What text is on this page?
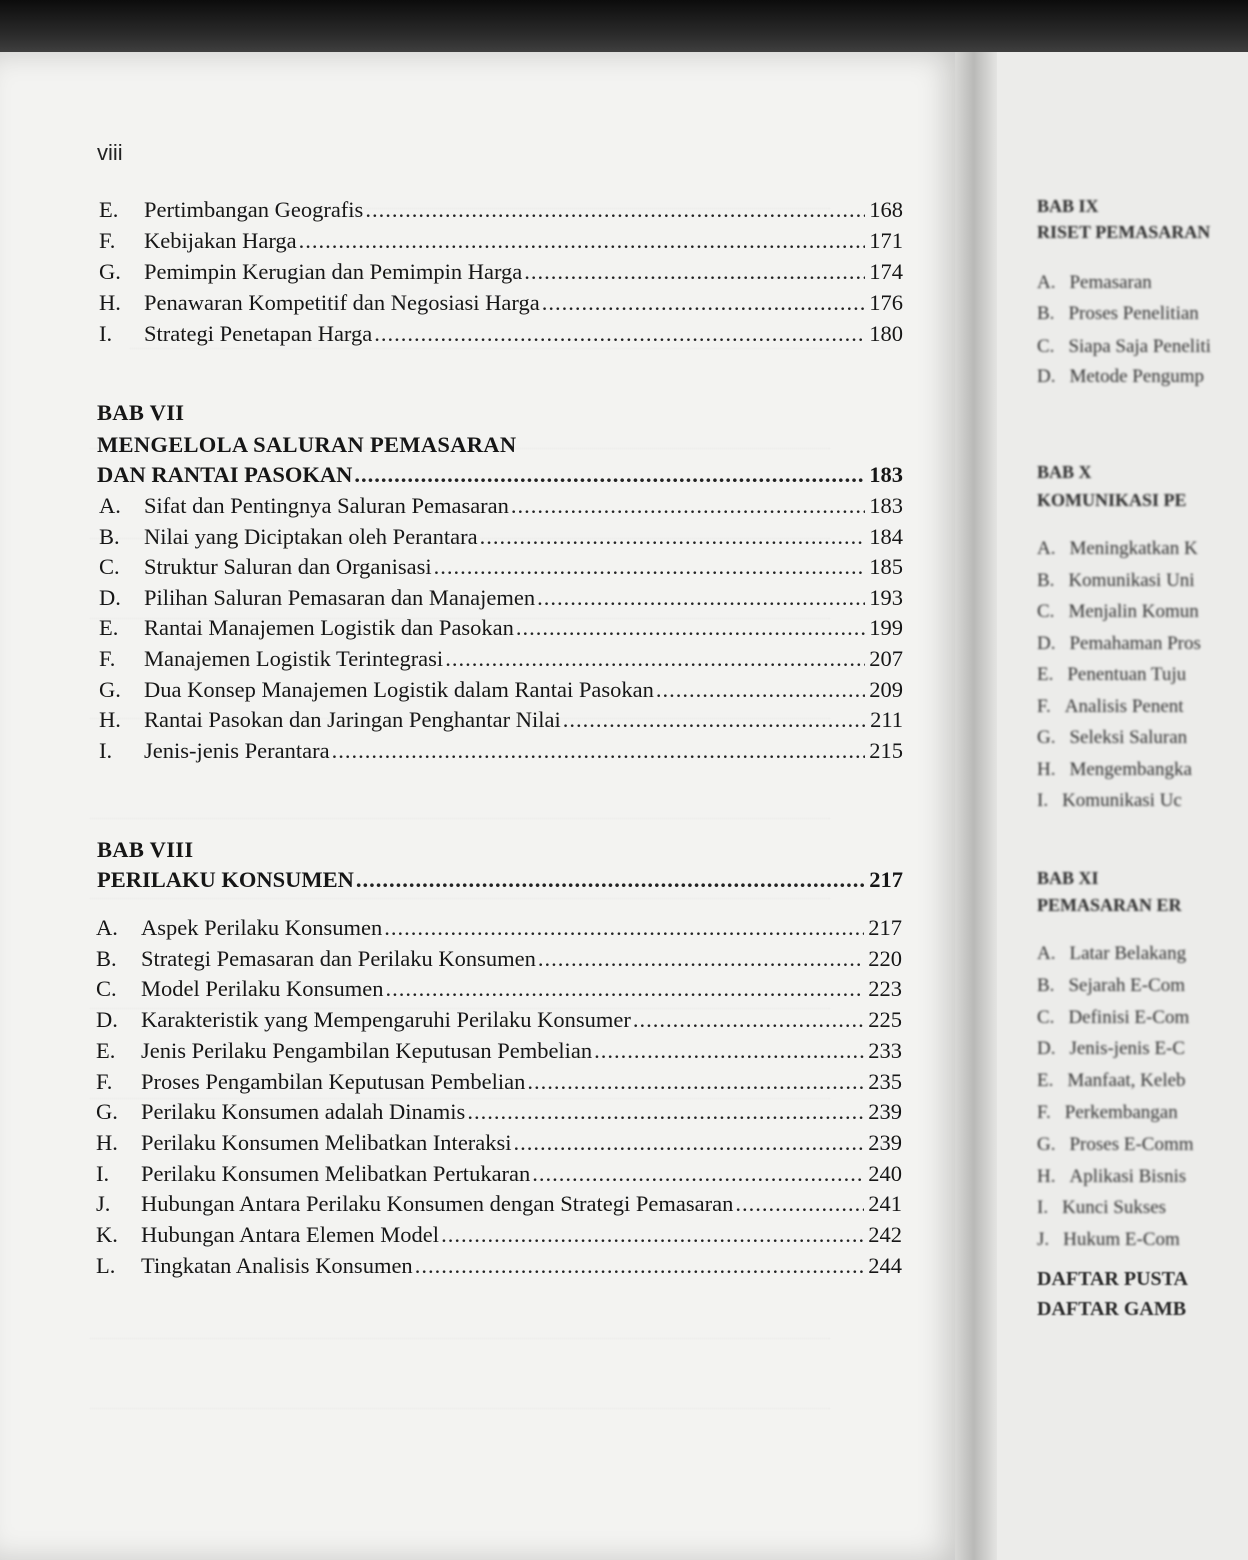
viii
E.	Pertimbangan Geografis .....	168
F.	Kebijakan Harga .....	171
G.	Pemimpin Kerugian dan Pemimpin Harga .....	174
H.	Penawaran Kompetitif dan Negosiasi Harga .....	176
I.	Strategi Penetapan Harga .....	180
BAB VII
MENGELOLA SALURAN PEMASARAN
DAN RANTAI PASOKAN .....	183
A.	Sifat dan Pentingnya Saluran Pemasaran .....	183
B.	Nilai yang Diciptakan oleh Perantara .....	184
C.	Struktur Saluran dan Organisasi .....	185
D.	Pilihan Saluran Pemasaran dan Manajemen .....	193
E.	Rantai Manajemen Logistik dan Pasokan .....	199
F.	Manajemen Logistik Terintegrasi .....	207
G.	Dua Konsep Manajemen Logistik dalam Rantai Pasokan .....	209
H.	Rantai Pasokan dan Jaringan Penghantar Nilai .....	211
I.	Jenis-jenis Perantara .....	215
BAB VIII
PERILAKU KONSUMEN .....	217
A.	Aspek Perilaku Konsumen .....	217
B.	Strategi Pemasaran dan Perilaku Konsumen .....	220
C.	Model Perilaku Konsumen .....	223
D.	Karakteristik yang Mempengaruhi Perilaku Konsumer .....	225
E.	Jenis Perilaku Pengambilan Keputusan Pembelian .....	233
F.	Proses Pengambilan Keputusan Pembelian .....	235
G.	Perilaku Konsumen adalah Dinamis .....	239
H.	Perilaku Konsumen Melibatkan Interaksi .....	239
I.	Perilaku Konsumen Melibatkan Pertukaran .....	240
J.	Hubungan Antara Perilaku Konsumen dengan Strategi Pemasaran .....	241
K.	Hubungan Antara Elemen Model .....	242
L.	Tingkatan Analisis Konsumen .....	244
BAB IX
RISET PEMASARAN
A. Pemasaran
B. Proses Penelitian
C. Siapa Saja Peneliti
D. Metode Pengump
BAB X
KOMUNIKASI PE
A. Meningkatkan K
B. Komunikasi Uni
C. Menjalin Komun
D. Pemahaman Pros
E. Penentuan Tuju
F. Analisis Penent
G. Seleksi Saluran
H. Mengembangka
I. Komunikasi Uc
BAB XI
PEMASARAN ER
A. Latar Belakang
B. Sejarah E-Com
C. Definisi E-Com
D. Jenis-jenis E-C
E. Manfaat, Keleb
F. Perkembangan
G. Proses E-Comm
H. Aplikasi Bisnis
I. Kunci Sukses
J. Hukum E-Com
DAFTAR PUSTA
DAFTAR GAMB
